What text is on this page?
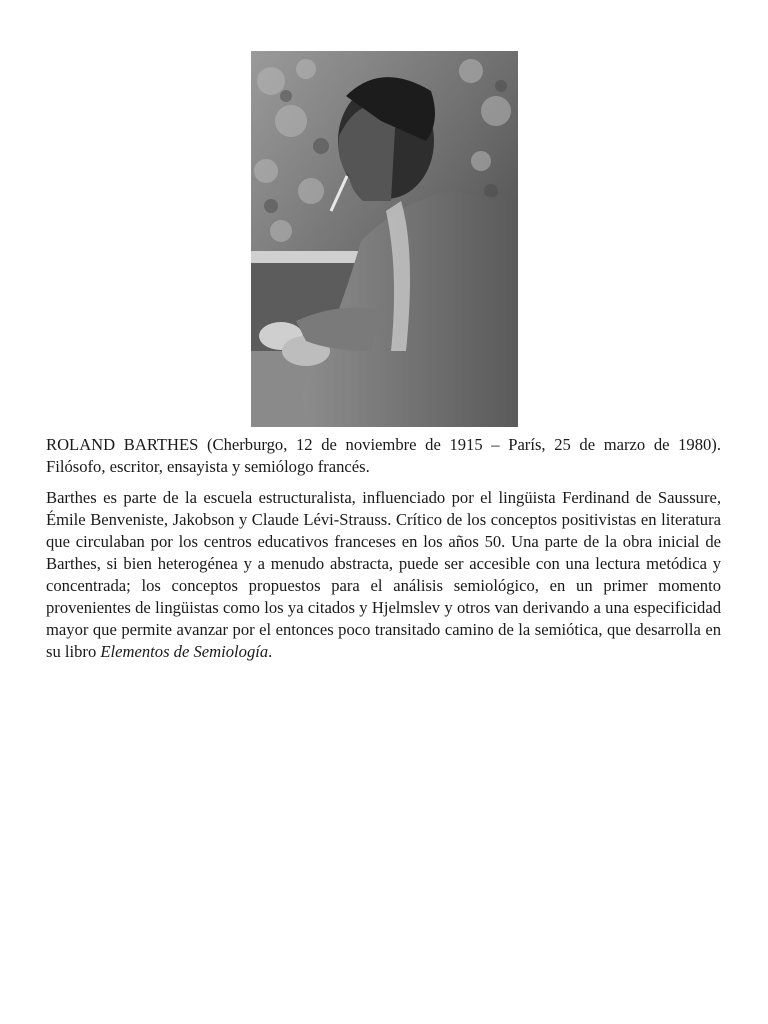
ROLAND BARTHES (Cherburgo, 12 de noviembre de 1915 – París, 25 de marzo de 1980). Filósofo, escritor, ensayista y semiólogo francés.

Barthes es parte de la escuela estructuralista, influenciado por el lingüista Ferdinand de Saussure, Émile Benveniste, Jakobson y Claude Lévi-Strauss. Crítico de los conceptos positivistas en literatura que circulaban por los centros educativos franceses en los años 50. Una parte de la obra inicial de Barthes, si bien heterogénea y a menudo abstracta, puede ser accesible con una lectura metódica y concentrada; los conceptos propuestos para el análisis semiológico, en un primer momento provenientes de lingüistas como los ya citados y Hjelmslev y otros van derivando a una especificidad mayor que permite avanzar por el entonces poco transitado camino de la semiótica, que desarrolla en su libro Elementos de Semiología.
